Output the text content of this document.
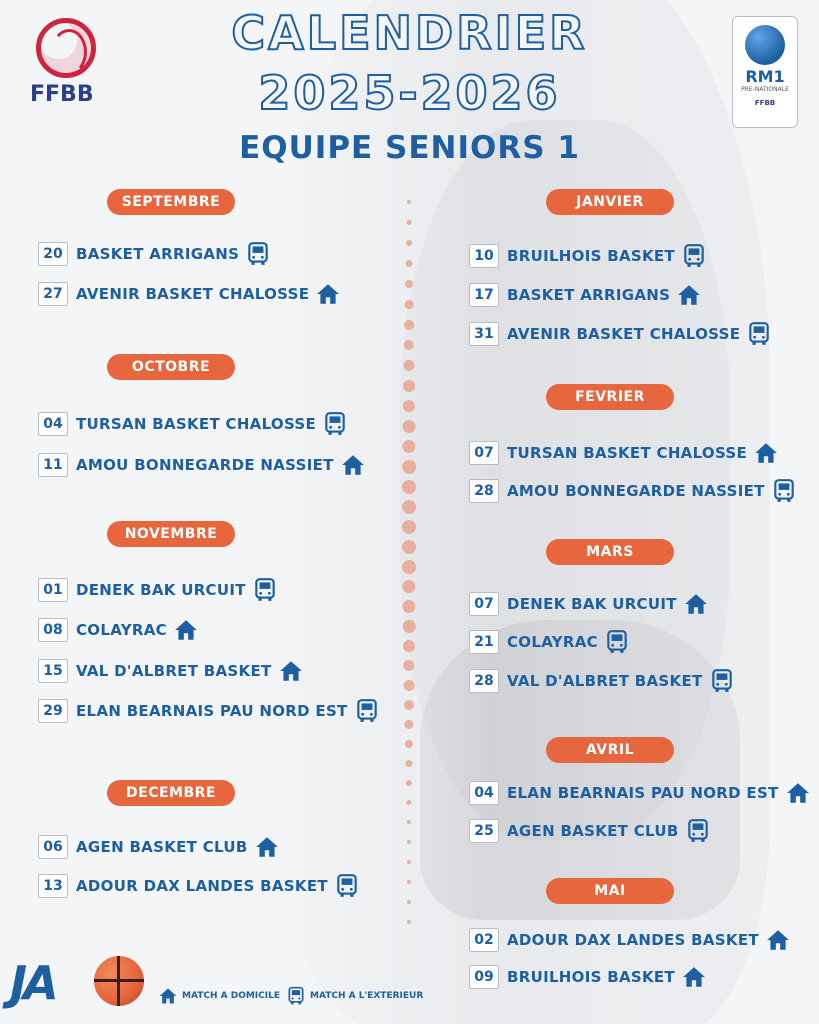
FFBB
CALENDRIER
2025-2026
EQUIPE SENIORS 1
RM1
PRE-NATIONALE
FFBB
SEPTEMBRE
20 BASKET ARRIGANS
27 AVENIR BASKET CHALOSSE
OCTOBRE
04 TURSAN BASKET CHALOSSE
11 AMOU BONNEGARDE NASSIET
NOVEMBRE
01 DENEK BAK URCUIT
08 COLAYRAC
15 VAL D'ALBRET BASKET
29 ELAN BEARNAIS PAU NORD EST
DECEMBRE
06 AGEN BASKET CLUB
13 ADOUR DAX LANDES BASKET
JANVIER
10 BRUILHOIS BASKET
17 BASKET ARRIGANS
31 AVENIR BASKET CHALOSSE
FEVRIER
07 TURSAN BASKET CHALOSSE
28 AMOU BONNEGARDE NASSIET
MARS
07 DENEK BAK URCUIT
21 COLAYRAC
28 VAL D'ALBRET BASKET
AVRIL
04 ELAN BEARNAIS PAU NORD EST
25 AGEN BASKET CLUB
MAI
02 ADOUR DAX LANDES BASKET
09 BRUILHOIS BASKET
JA	MATCH A DOMICILE	MATCH A L'EXTERIEUR
